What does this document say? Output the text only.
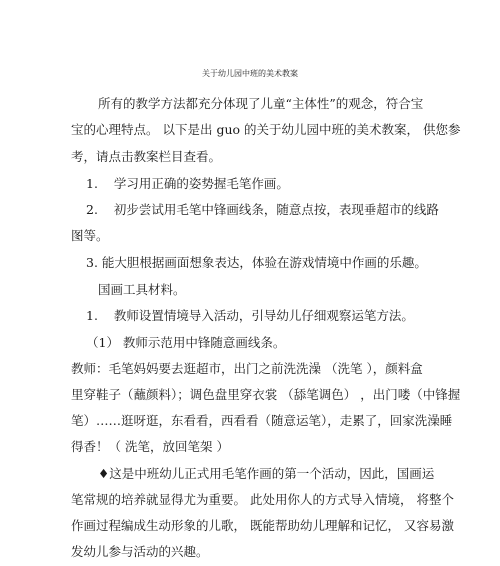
关于幼儿园中班的美术教案
所有的教学方法都充分体现了儿童“主体性”的观念，符合宝
宝的心理特点。 以下是出 guo 的关于幼儿园中班的美术教案， 供您参
考，请点击教案栏目查看。
1.    学习用正确的姿势握毛笔作画。
2.    初步尝试用毛笔中锋画线条，随意点按，表现垂超市的线路
图等。
3. 能大胆根据画面想象表达，体验在游戏情境中作画的乐趣。
国画工具材料。
1.    教师设置情境导入活动，引导幼儿仔细观察运笔方法。
（1） 教师示范用中锋随意画线条。
教师：毛笔妈妈要去逛超市，出门之前洗洗澡 （洗笔 ），颜料盒
里穿鞋子（蘸颜料）；调色盘里穿衣裳 （舔笔调色） ，出门喽（中锋握
笔）……逛呀逛，东看看，西看看（随意运笔），走累了，回家洗澡睡
得香！（ 洗笔，放回笔架 ）
♦这是中班幼儿正式用毛笔作画的第一个活动，因此，国画运
笔常规的培养就显得尤为重要。 此处用你人的方式导入情境， 将整个
作画过程编成生动形象的儿歌， 既能帮助幼儿理解和记忆， 又容易激
发幼儿参与活动的兴趣。
